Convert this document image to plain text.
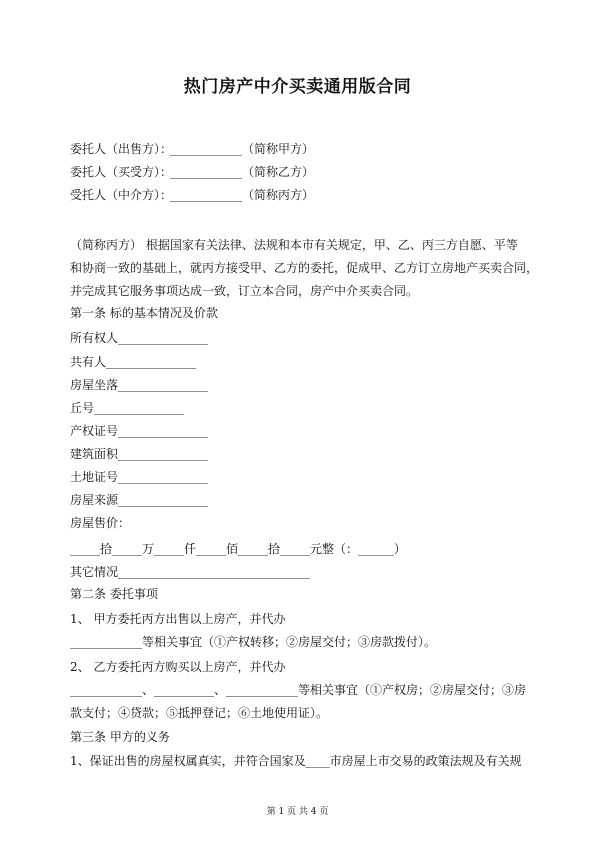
热门房产中介买卖通用版合同
委托人（出售方）：____________（简称甲方）
委托人（买受方）：____________（简称乙方）
受托人（中介方）：____________（简称丙方）
（简称丙方） 根据国家有关法律、法规和本市有关规定，甲、乙、丙三方自愿、平等
和协商一致的基础上，就丙方接受甲、乙方的委托，促成甲、乙方订立房地产买卖合同，
并完成其它服务事项达成一致，订立本合同，房产中介买卖合同。
第一条 标的基本情况及价款
所有权人_______________
共有人_______________
房屋坐落_______________
丘号_______________
产权证号_______________
建筑面积_______________
土地证号_______________
房屋来源_______________
房屋售价：
_____拾_____万_____仟_____佰_____拾_____元整（：______）
其它情况________________________________
第二条 委托事项
1、 甲方委托丙方出售以上房产，并代办
____________等相关事宜（①产权转移；②房屋交付；③房款拨付）。
2、 乙方委托丙方购买以上房产，并代办
____________、__________、____________等相关事宜（①产权房；②房屋交付；③房
款支付；④贷款；⑤抵押登记；⑥土地使用证）。
第三条 甲方的义务
1、保证出售的房屋权属真实，并符合国家及____市房屋上市交易的政策法规及有关规
第 1 页 共 4 页
